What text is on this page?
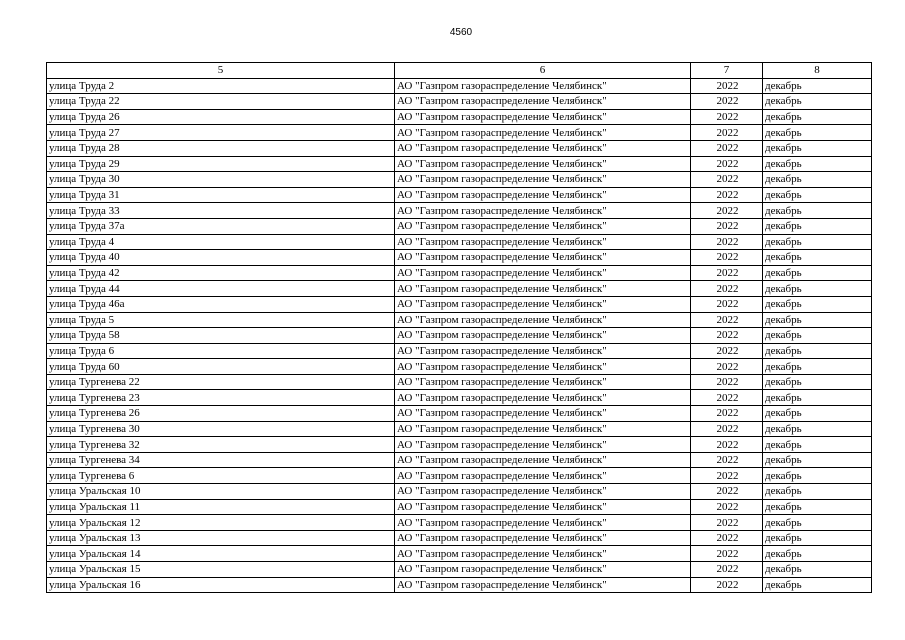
4560
5	6	7	8
улица Труда 2	АО "Газпром газораспределение Челябинск"	2022	декабрь
улица Труда 22	АО "Газпром газораспределение Челябинск"	2022	декабрь
улица Труда 26	АО "Газпром газораспределение Челябинск"	2022	декабрь
улица Труда 27	АО "Газпром газораспределение Челябинск"	2022	декабрь
улица Труда 28	АО "Газпром газораспределение Челябинск"	2022	декабрь
улица Труда 29	АО "Газпром газораспределение Челябинск"	2022	декабрь
улица Труда 30	АО "Газпром газораспределение Челябинск"	2022	декабрь
улица Труда 31	АО "Газпром газораспределение Челябинск"	2022	декабрь
улица Труда 33	АО "Газпром газораспределение Челябинск"	2022	декабрь
улица Труда 37а	АО "Газпром газораспределение Челябинск"	2022	декабрь
улица Труда 4	АО "Газпром газораспределение Челябинск"	2022	декабрь
улица Труда 40	АО "Газпром газораспределение Челябинск"	2022	декабрь
улица Труда 42	АО "Газпром газораспределение Челябинск"	2022	декабрь
улица Труда 44	АО "Газпром газораспределение Челябинск"	2022	декабрь
улица Труда 46а	АО "Газпром газораспределение Челябинск"	2022	декабрь
улица Труда 5	АО "Газпром газораспределение Челябинск"	2022	декабрь
улица Труда 58	АО "Газпром газораспределение Челябинск"	2022	декабрь
улица Труда 6	АО "Газпром газораспределение Челябинск"	2022	декабрь
улица Труда 60	АО "Газпром газораспределение Челябинск"	2022	декабрь
улица Тургенева 22	АО "Газпром газораспределение Челябинск"	2022	декабрь
улица Тургенева 23	АО "Газпром газораспределение Челябинск"	2022	декабрь
улица Тургенева 26	АО "Газпром газораспределение Челябинск"	2022	декабрь
улица Тургенева 30	АО "Газпром газораспределение Челябинск"	2022	декабрь
улица Тургенева 32	АО "Газпром газораспределение Челябинск"	2022	декабрь
улица Тургенева 34	АО "Газпром газораспределение Челябинск"	2022	декабрь
улица Тургенева 6	АО "Газпром газораспределение Челябинск"	2022	декабрь
улица Уральская 10	АО "Газпром газораспределение Челябинск"	2022	декабрь
улица Уральская 11	АО "Газпром газораспределение Челябинск"	2022	декабрь
улица Уральская 12	АО "Газпром газораспределение Челябинск"	2022	декабрь
улица Уральская 13	АО "Газпром газораспределение Челябинск"	2022	декабрь
улица Уральская 14	АО "Газпром газораспределение Челябинск"	2022	декабрь
улица Уральская 15	АО "Газпром газораспределение Челябинск"	2022	декабрь
улица Уральская 16	АО "Газпром газораспределение Челябинск"	2022	декабрь
